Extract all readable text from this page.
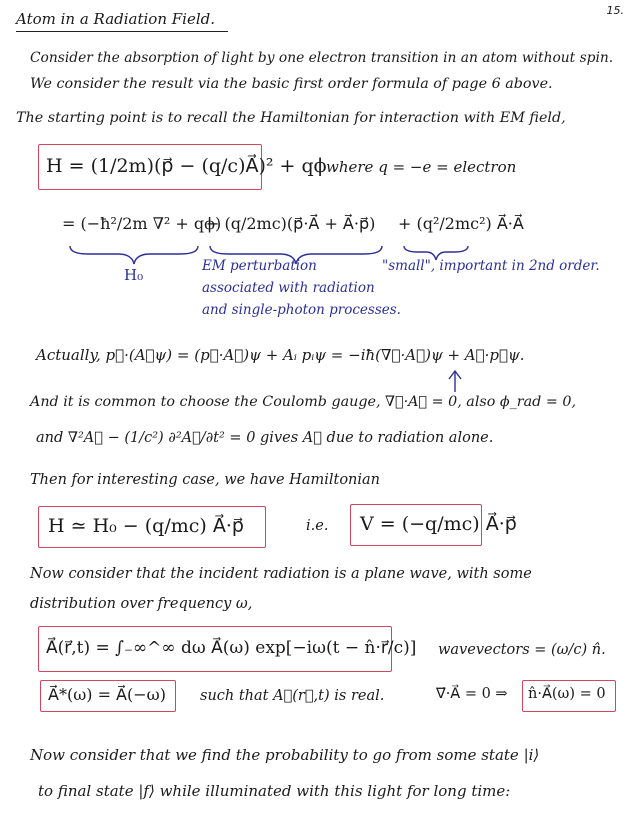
15.
Atom in a Radiation Field.
Consider the absorption of light by one electron transition in an atom without spin.
We consider the result via the basic first order formula of page 6 above.
The starting point is to recall the Hamiltonian for interaction with EM field,
H = (1/2m)(p⃗ − (q/c)A⃗)² + qϕ where q = −e = electron
= (−ħ²/2m ∇² + qϕ)
− (q/2mc)(p⃗·A⃗ + A⃗·p⃗) + (q²/2mc²) A⃗·A⃗
H₀	EM perturbation
associated with radiation
and single-photon processes.
"small", important in 2nd order.
Actually, p⃗·(A⃗ψ) = (p⃗·A⃗)ψ + Aᵢ pᵢψ = −iħ(∇⃗·A⃗)ψ + A⃗·p⃗ψ.
And it is common to choose the Coulomb gauge, ∇⃗·A⃗ = 0, also ϕ_rad = 0,
and ∇²A⃗ − (1/c²) ∂²A⃗/∂t² = 0 gives A⃗ due to radiation alone.
Then for interesting case, we have Hamiltonian
H ≃ H₀ − (q/mc) A⃗·p⃗	i.e. V = (−q/mc) A⃗·p⃗
Now consider that the incident radiation is a plane wave, with some
distribution over frequency ω,
A⃗(r⃗,t) = ∫₋∞^∞ dω A⃗(ω) exp[−iω(t − n̂·r⃗/c)] wavevectors = (ω/c) n̂.
A⃗*(ω) = A⃗(−ω) such that A⃗(r⃗,t) is real.	∇⃗·A⃗ = 0 ⇒ n̂·A⃗(ω) = 0
Now consider that we find the probability to go from some state |i⟩
to final state |f⟩ while illuminated with this light for long time:
